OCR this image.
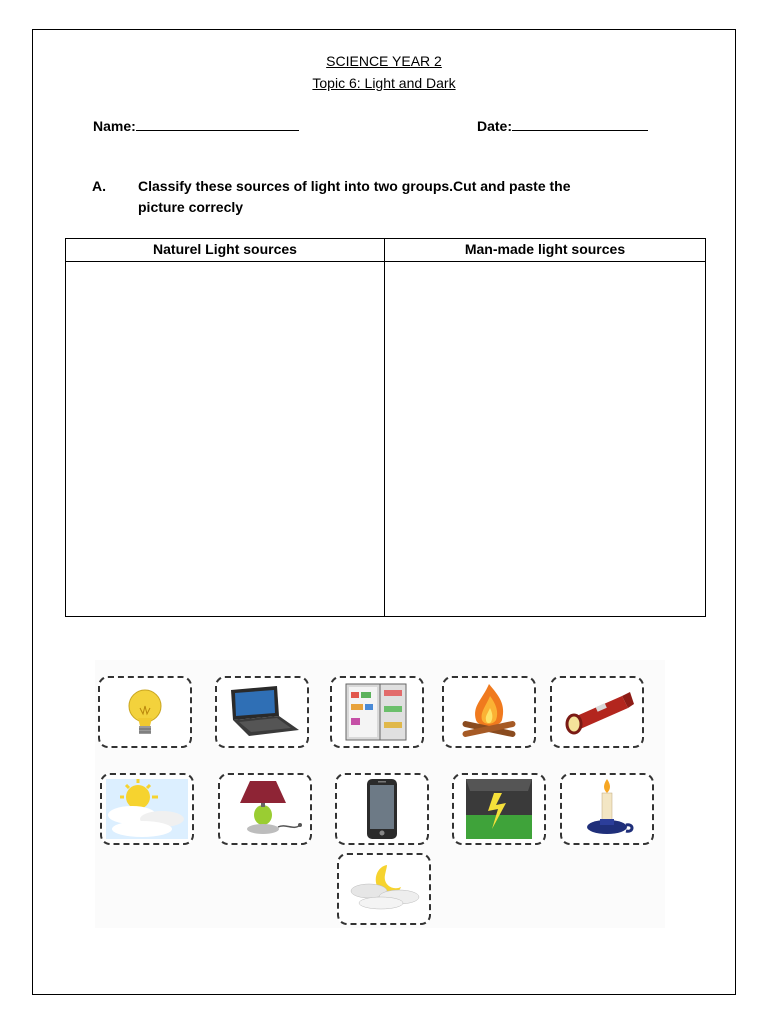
SCIENCE YEAR 2
Topic 6: Light and Dark
Name:	Date:
A. Classify these sources of light into two groups.Cut and paste the
picture correcly
Naturel Light sources	Man-made light sources
